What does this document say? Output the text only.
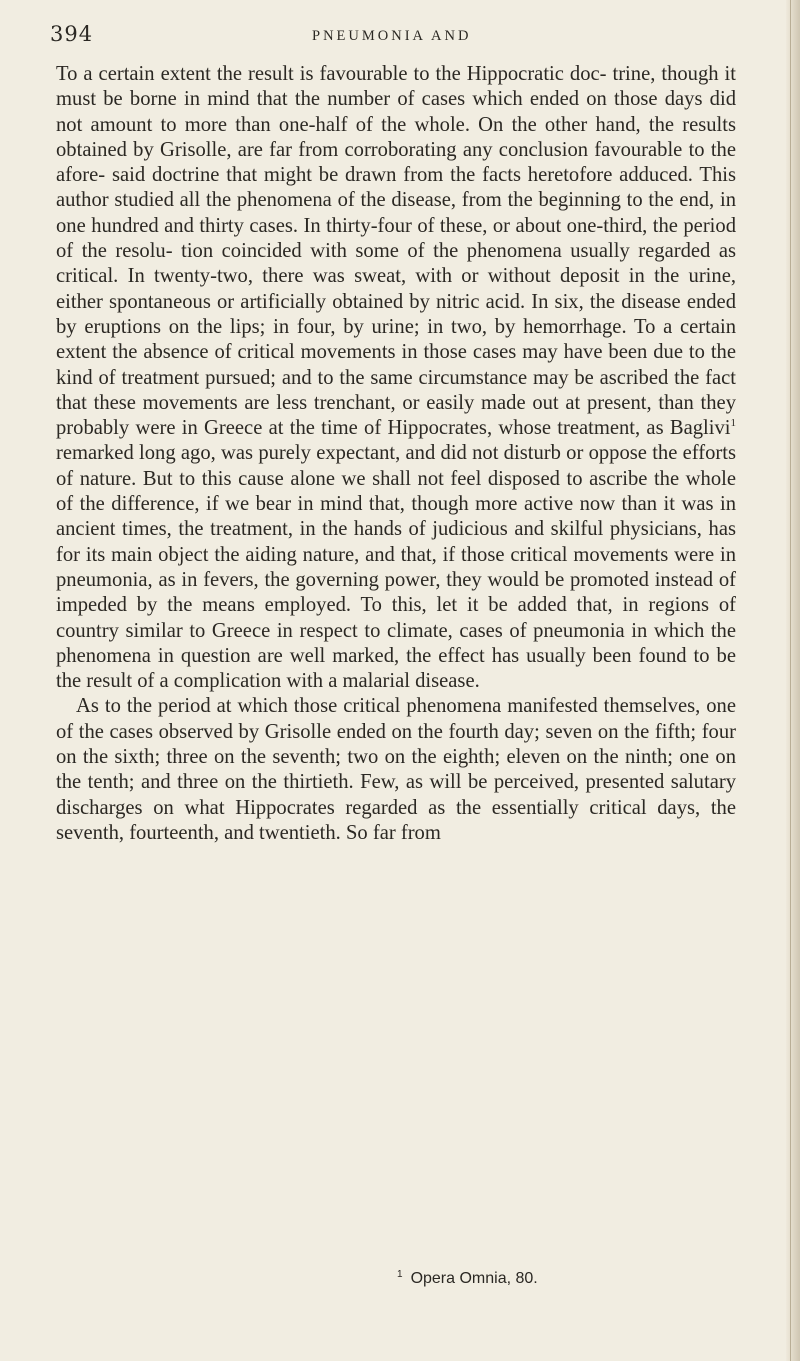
394	PNEUMONIA AND

To a certain extent the result is favourable to the Hippocratic doc- trine, though it must be borne in mind that the number of cases which ended on those days did not amount to more than one-half of the whole. On the other hand, the results obtained by Grisolle, are far from corroborating any conclusion favourable to the afore- said doctrine that might be drawn from the facts heretofore adduced. This author studied all the phenomena of the disease, from the beginning to the end, in one hundred and thirty cases. In thirty-four of these, or about one-third, the period of the resolu- tion coincided with some of the phenomena usually regarded as critical. In twenty-two, there was sweat, with or without deposit in the urine, either spontaneous or artificially obtained by nitric acid. In six, the disease ended by eruptions on the lips; in four, by urine; in two, by hemorrhage. To a certain extent the absence of critical movements in those cases may have been due to the kind of treatment pursued; and to the same circumstance may be ascribed the fact that these movements are less trenchant, or easily made out at present, than they probably were in Greece at the time of Hippocrates, whose treatment, as Baglivi$^1$ remarked long ago, was purely expectant, and did not disturb or oppose the efforts of nature. But to this cause alone we shall not feel disposed to ascribe the whole of the difference, if we bear in mind that, though more active now than it was in ancient times, the treatment, in the hands of judicious and skilful physicians, has for its main object the aiding nature, and that, if those critical movements were in pneumonia, as in fevers, the governing power, they would be promoted instead of impeded by the means employed. To this, let it be added that, in regions of country similar to Greece in respect to climate, cases of pneumonia in which the phenomena in question are well marked, the effect has usually been found to be the result of a complication with a malarial disease.

As to the period at which those critical phenomena manifested themselves, one of the cases observed by Grisolle ended on the fourth day; seven on the fifth; four on the sixth; three on the seventh; two on the eighth; eleven on the ninth; one on the tenth; and three on the thirtieth. Few, as will be perceived, presented salutary discharges on what Hippocrates regarded as the essentially critical days, the seventh, fourteenth, and twentieth. So far from

$^1$ Opera Omnia, 80.
